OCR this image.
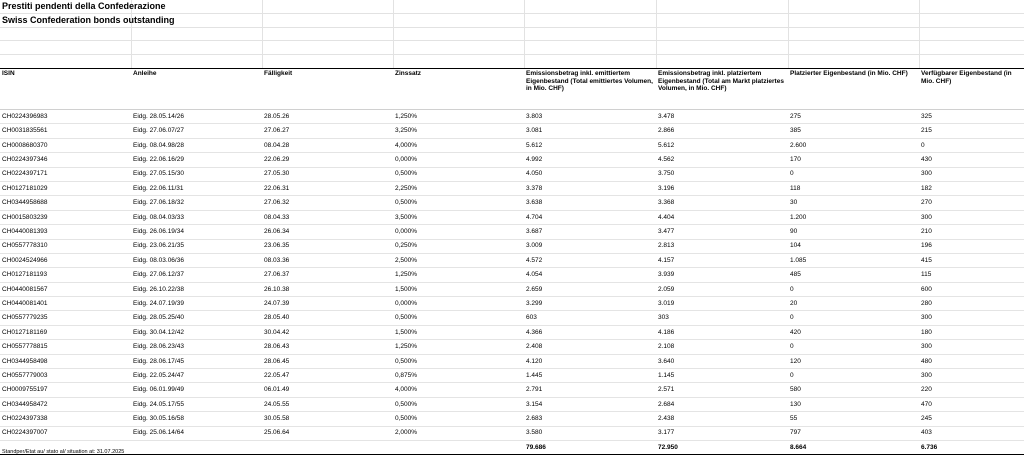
Prestiti pendenti della Confederazione
Swiss Confederation bonds outstanding
ISIN	Anleihe	Fälligkeit	Zinssatz	Emissionsbetrag inkl. emittiertem Eigenbestand (Total emittiertes Volumen, in Mio. CHF)	Emissionsbetrag inkl. platziertem Eigenbestand (Total am Markt platziertes Volumen, in Mio. CHF)	Platzierter Eigenbestand (in Mio. CHF)	Verfügbarer Eigenbestand (in Mio. CHF)
CH0224396983	Eidg. 28.05.14/26	28.05.26	1,250%	3.803	3.478	275	325
CH0031835561	Eidg. 27.06.07/27	27.06.27	3,250%	3.081	2.866	385	215
CH0008680370	Eidg. 08.04.98/28	08.04.28	4,000%	5.612	5.612	2.600	0
CH0224397346	Eidg. 22.06.16/29	22.06.29	0,000%	4.992	4.562	170	430
CH0224397171	Eidg. 27.05.15/30	27.05.30	0,500%	4.050	3.750	0	300
CH0127181029	Eidg. 22.06.11/31	22.06.31	2,250%	3.378	3.196	118	182
CH0344958688	Eidg. 27.06.18/32	27.06.32	0,500%	3.638	3.368	30	270
CH0015803239	Eidg. 08.04.03/33	08.04.33	3,500%	4.704	4.404	1.200	300
CH0440081393	Eidg. 26.06.19/34	26.06.34	0,000%	3.687	3.477	90	210
CH0557778310	Eidg. 23.06.21/35	23.06.35	0,250%	3.009	2.813	104	196
CH0024524966	Eidg. 08.03.06/36	08.03.36	2,500%	4.572	4.157	1.085	415
CH0127181193	Eidg. 27.06.12/37	27.06.37	1,250%	4.054	3.939	485	115
CH0440081567	Eidg. 26.10.22/38	26.10.38	1,500%	2.659	2.059	0	600
CH0440081401	Eidg. 24.07.19/39	24.07.39	0,000%	3.299	3.019	20	280
CH0557779235	Eidg. 28.05.25/40	28.05.40	0,500%	603	303	0	300
CH0127181169	Eidg. 30.04.12/42	30.04.42	1,500%	4.366	4.186	420	180
CH0557778815	Eidg. 28.06.23/43	28.06.43	1,250%	2.408	2.108	0	300
CH0344958498	Eidg. 28.06.17/45	28.06.45	0,500%	4.120	3.640	120	480
CH0557779003	Eidg. 22.05.24/47	22.05.47	0,875%	1.445	1.145	0	300
CH0009755197	Eidg. 06.01.99/49	06.01.49	4,000%	2.791	2.571	580	220
CH0344958472	Eidg. 24.05.17/55	24.05.55	0,500%	3.154	2.684	130	470
CH0224397338	Eidg. 30.05.16/58	30.05.58	0,500%	2.683	2.438	55	245
CH0224397007	Eidg. 25.06.14/64	25.06.64	2,000%	3.580	3.177	797	403
				79.686	72.950	8.664	6.736
Standper/Etat au/ stato al/ situation at: 31.07.2025
